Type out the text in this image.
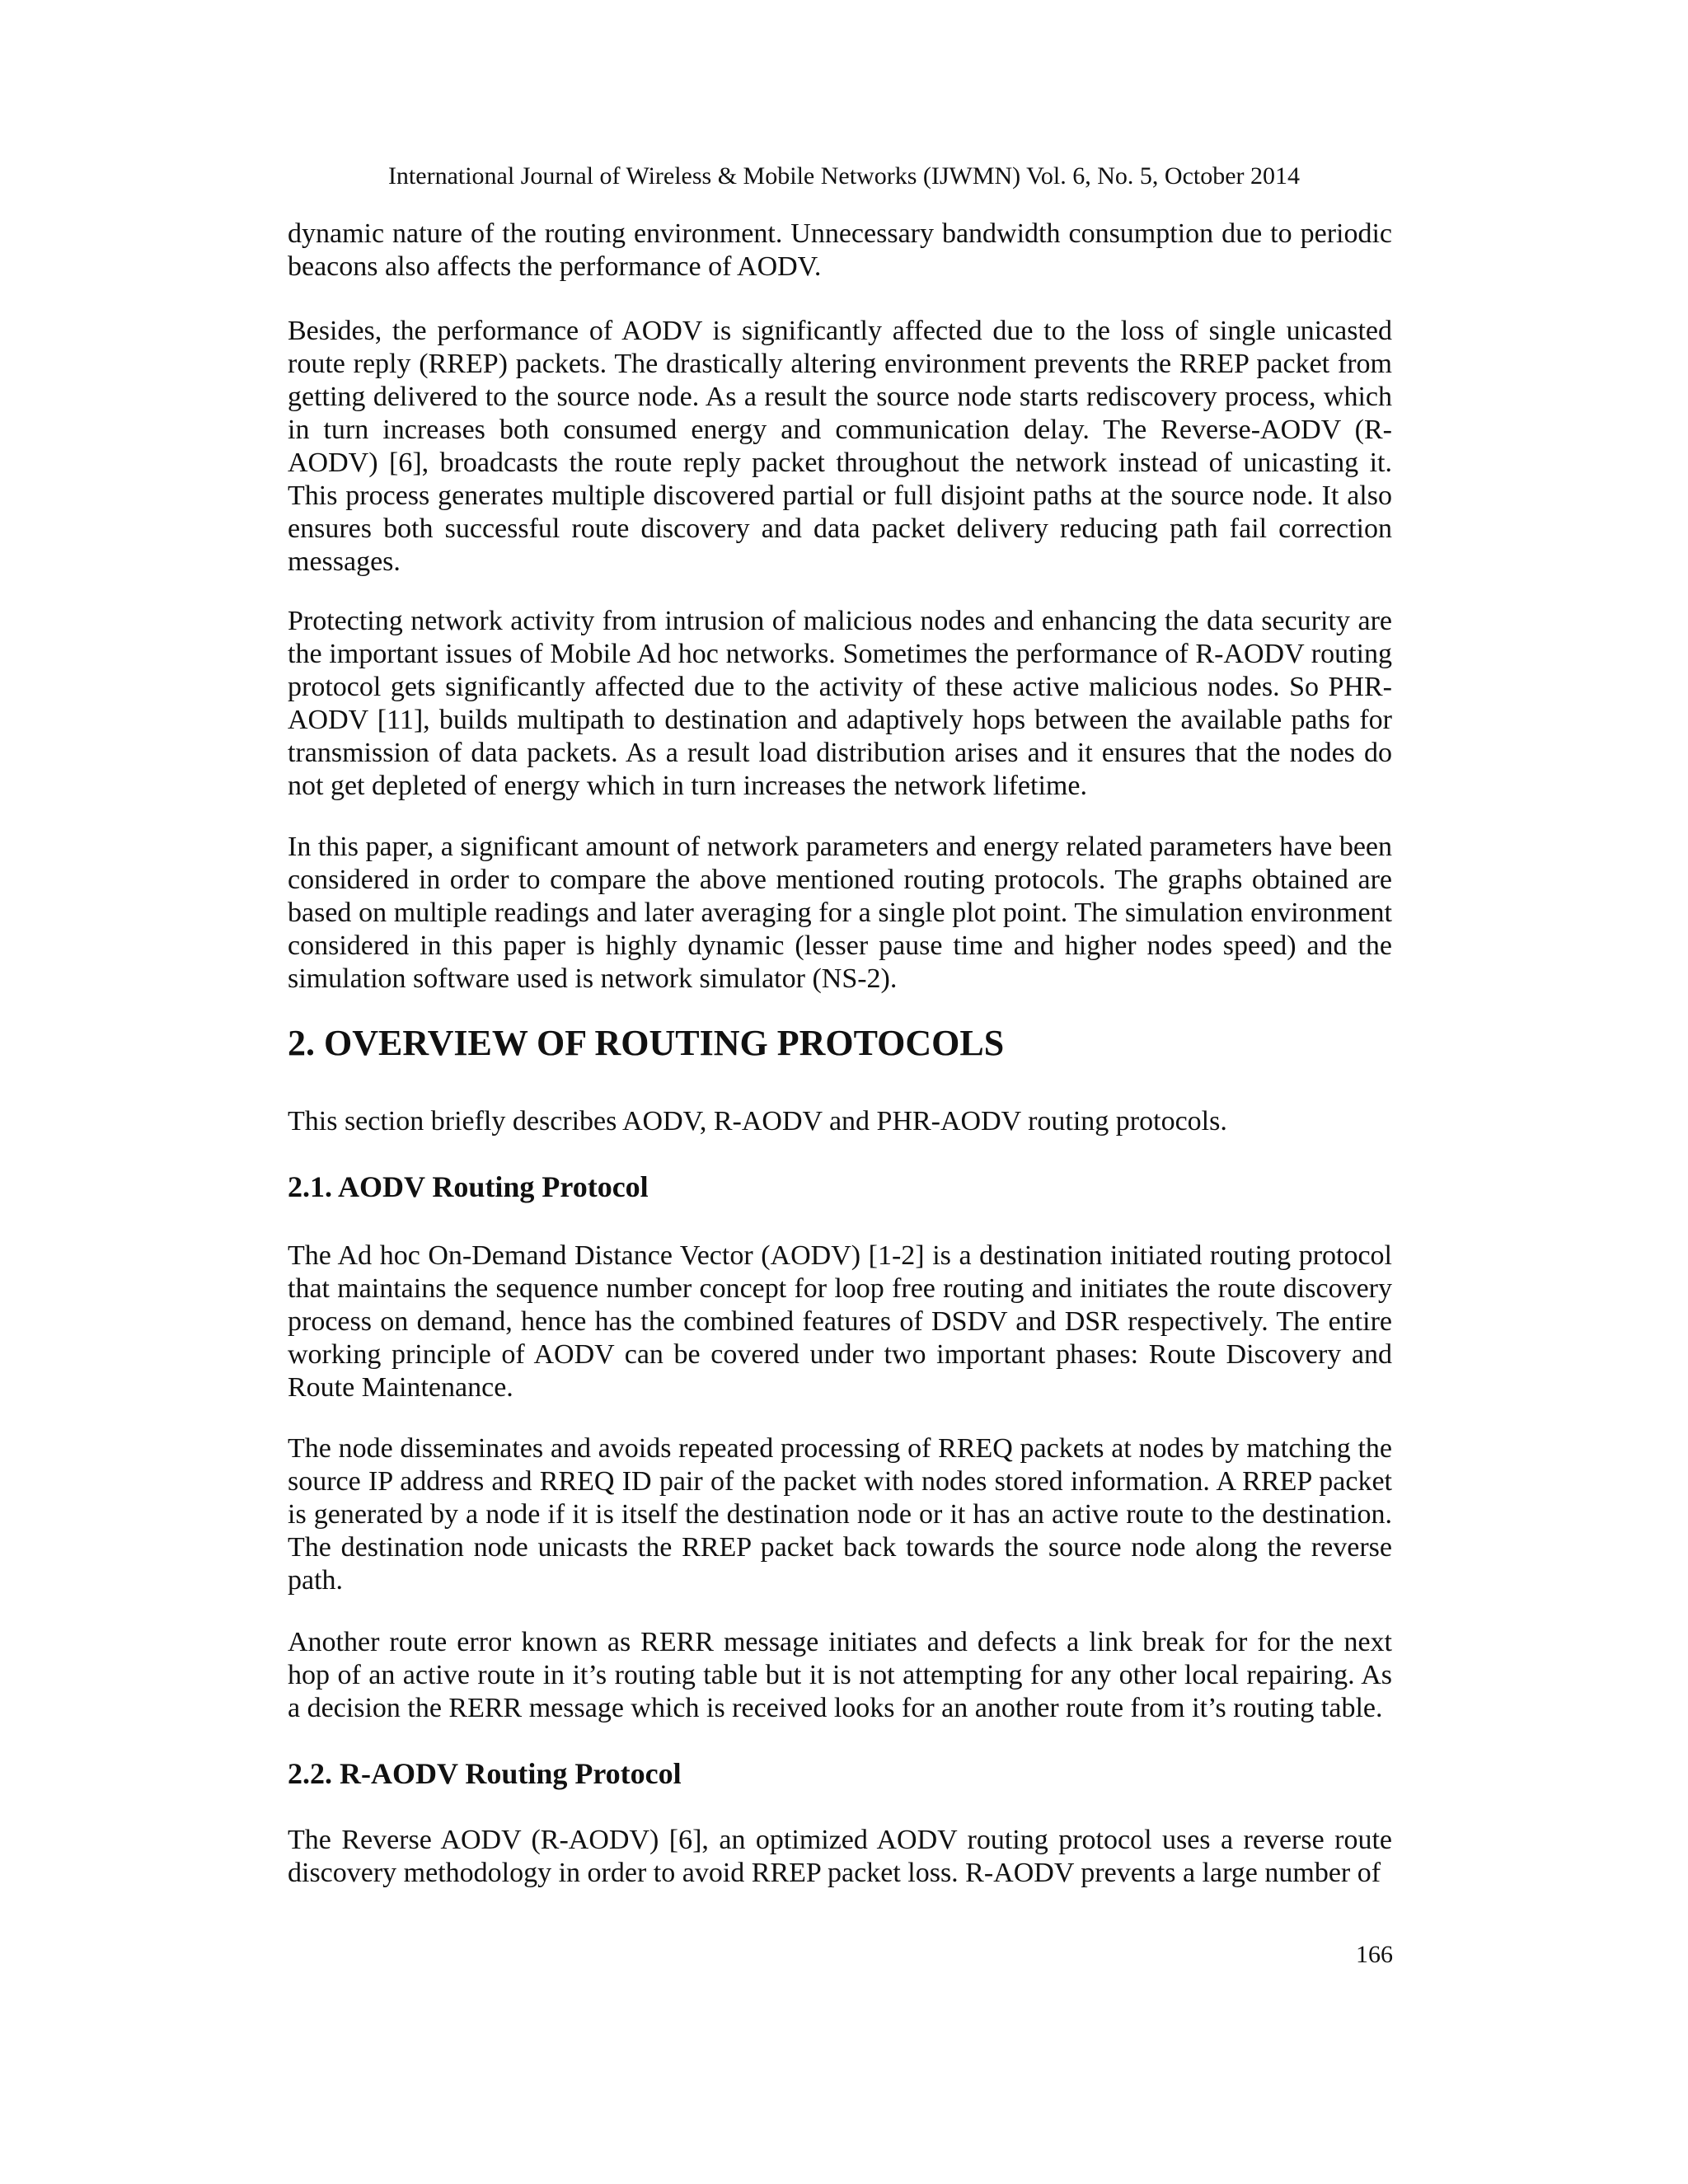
International Journal of Wireless & Mobile Networks (IJWMN) Vol. 6, No. 5, October 2014

dynamic nature of the routing environment. Unnecessary bandwidth consumption due to periodic beacons also affects the performance of AODV.

Besides, the performance of AODV is significantly affected due to the loss of single unicasted route reply (RREP) packets. The drastically altering environment prevents the RREP packet from getting delivered to the source node. As a result the source node starts rediscovery process, which in turn increases both consumed energy and communication delay. The Reverse-AODV (R-AODV) [6], broadcasts the route reply packet throughout the network instead of unicasting it. This process generates multiple discovered partial or full disjoint paths at the source node. It also ensures both successful route discovery and data packet delivery reducing path fail correction messages.

Protecting network activity from intrusion of malicious nodes and enhancing the data security are the important issues of Mobile Ad hoc networks. Sometimes the performance of R-AODV routing protocol gets significantly affected due to the activity of these active malicious nodes. So PHR-AODV [11], builds multipath to destination and adaptively hops between the available paths for transmission of data packets. As a result load distribution arises and it ensures that the nodes do not get depleted of energy which in turn increases the network lifetime.

In this paper, a significant amount of network parameters and energy related parameters have been considered in order to compare the above mentioned routing protocols. The graphs obtained are based on multiple readings and later averaging for a single plot point. The simulation environment considered in this paper is highly dynamic (lesser pause time and higher nodes speed) and the simulation software used is network simulator (NS-2).

2. OVERVIEW OF ROUTING PROTOCOLS

This section briefly describes AODV, R-AODV and PHR-AODV routing protocols.

2.1. AODV Routing Protocol

The Ad hoc On-Demand Distance Vector (AODV) [1-2] is a destination initiated routing protocol that maintains the sequence number concept for loop free routing and initiates the route discovery process on demand, hence has the combined features of DSDV and DSR respectively. The entire working principle of AODV can be covered under two important phases: Route Discovery and Route Maintenance.

The node disseminates and avoids repeated processing of RREQ packets at nodes by matching the source IP address and RREQ ID pair of the packet with nodes stored information. A RREP packet is generated by a node if it is itself the destination node or it has an active route to the destination. The destination node unicasts the RREP packet back towards the source node along the reverse path.

Another route error known as RERR message initiates and defects a link break for for the next hop of an active route in it’s routing table but it is not attempting for any other local repairing. As a decision the RERR message which is received looks for an another route from it’s routing table.

2.2. R-AODV Routing Protocol

The Reverse AODV (R-AODV) [6], an optimized AODV routing protocol uses a reverse route discovery methodology in order to avoid RREP packet loss. R-AODV prevents a large number of

166
